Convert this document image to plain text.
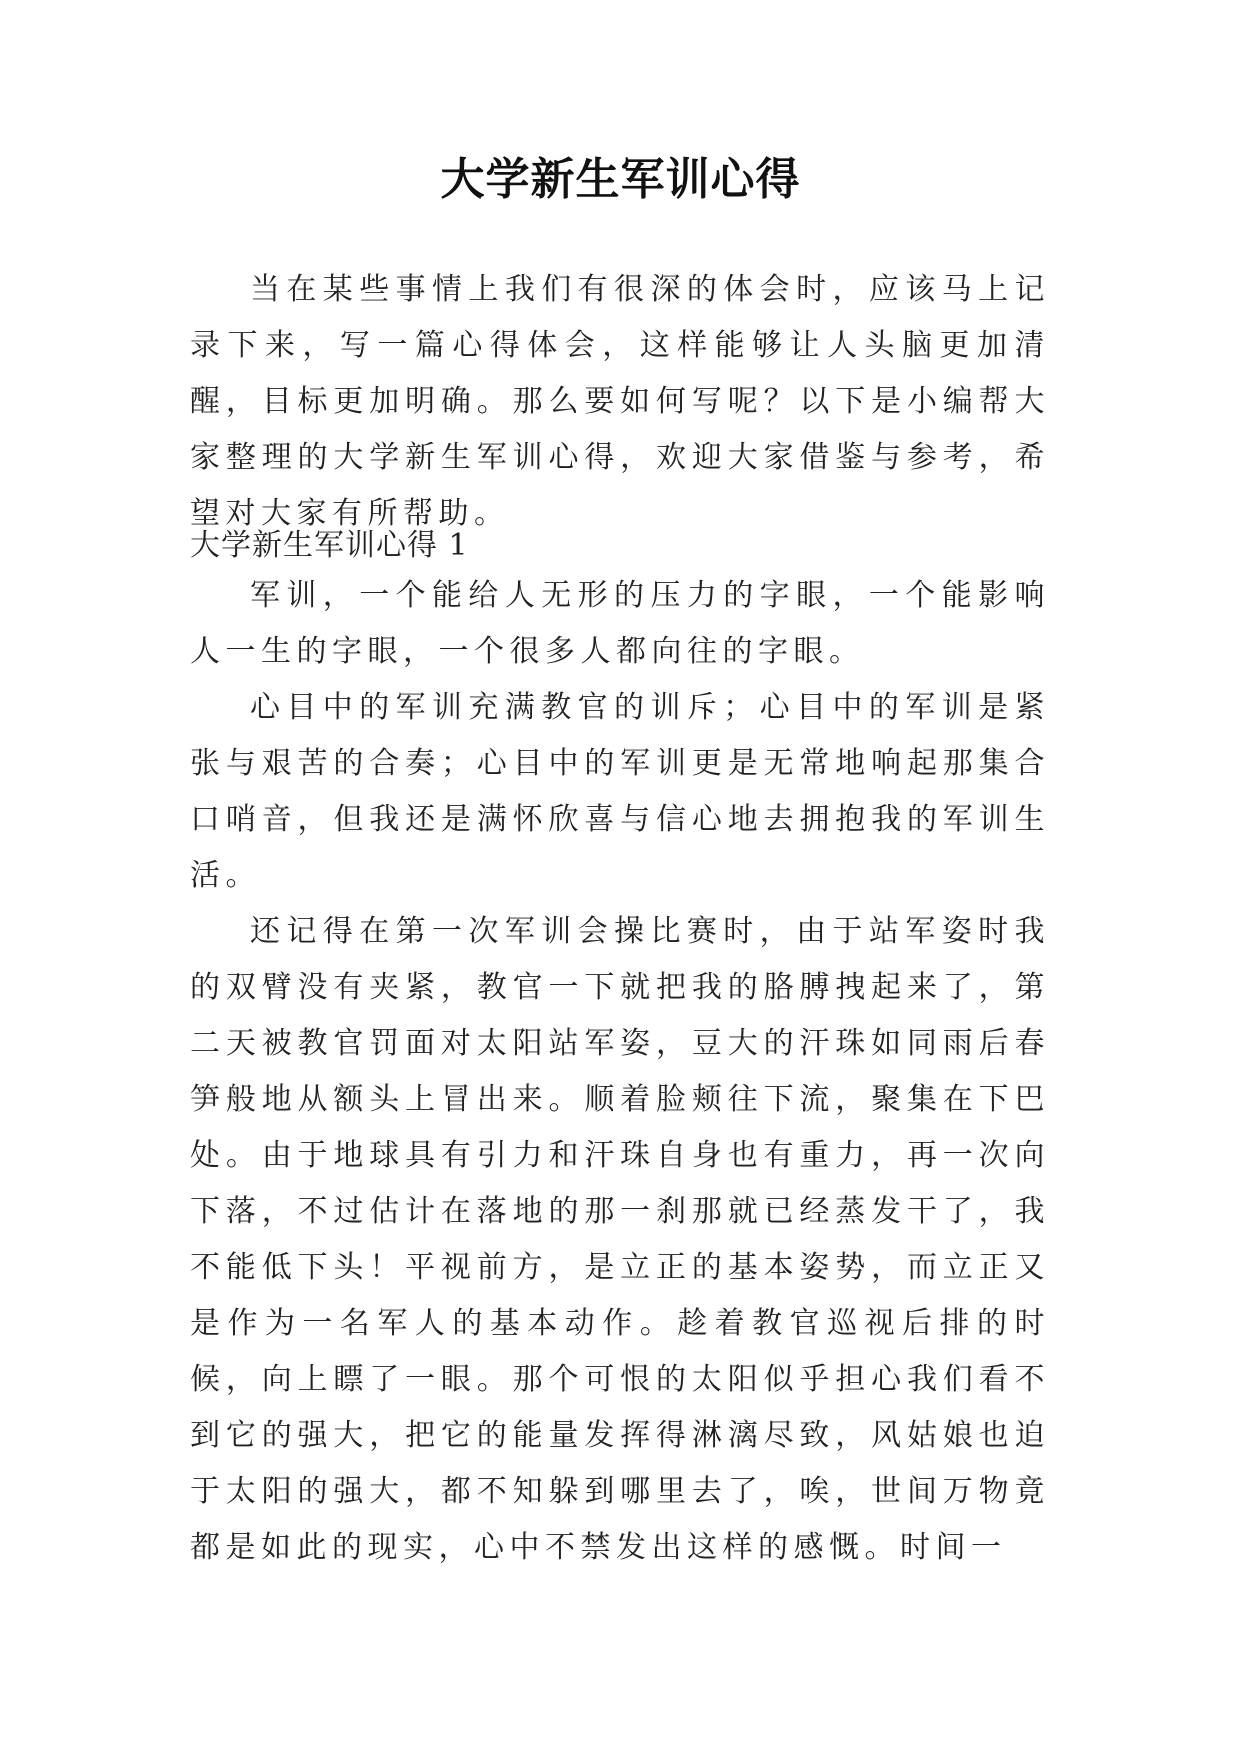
大学新生军训心得

当在某些事情上我们有很深的体会时，应该马上记录下来，写一篇心得体会，这样能够让人头脑更加清醒，目标更加明确。那么要如何写呢？以下是小编帮大家整理的大学新生军训心得，欢迎大家借鉴与参考，希望对大家有所帮助。

大学新生军训心得 1

军训，一个能给人无形的压力的字眼，一个能影响人一生的字眼，一个很多人都向往的字眼。

心目中的军训充满教官的训斥；心目中的军训是紧张与艰苦的合奏；心目中的军训更是无常地响起那集合口哨音，但我还是满怀欣喜与信心地去拥抱我的军训生活。

还记得在第一次军训会操比赛时，由于站军姿时我的双臂没有夹紧，教官一下就把我的胳膊拽起来了，第二天被教官罚面对太阳站军姿，豆大的汗珠如同雨后春笋般地从额头上冒出来。顺着脸颊往下流，聚集在下巴处。由于地球具有引力和汗珠自身也有重力，再一次向下落，不过估计在落地的那一刹那就已经蒸发干了，我不能低下头！平视前方，是立正的基本姿势，而立正又是作为一名军人的基本动作。趁着教官巡视后排的时候，向上瞟了一眼。那个可恨的太阳似乎担心我们看不到它的强大，把它的能量发挥得淋漓尽致，风姑娘也迫于太阳的强大，都不知躲到哪里去了，唉，世间万物竟都是如此的现实，心中不禁发出这样的感慨。时间一
